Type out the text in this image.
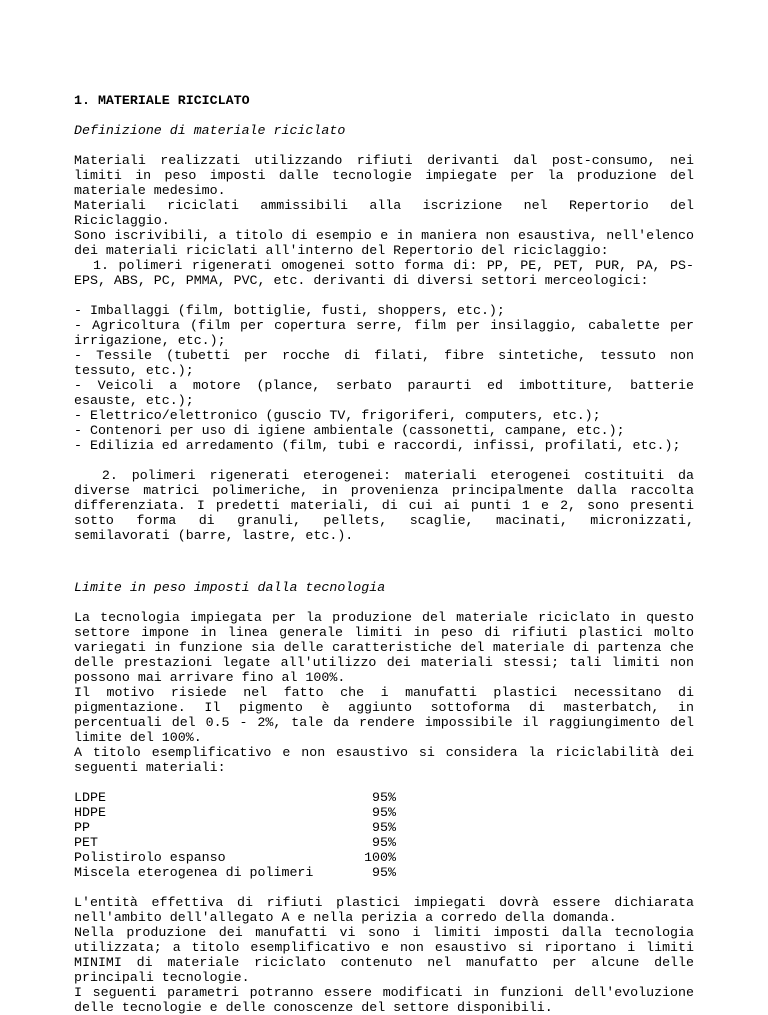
1. MATERIALE RICICLATO

Definizione di materiale riciclato

Materiali realizzati utilizzando rifiuti derivanti dal post-consumo, nei limiti in peso imposti dalle tecnologie impiegate per la produzione del materiale medesimo.

Materiali riciclati ammissibili alla iscrizione nel Repertorio del Riciclaggio.

Sono iscrivibili, a titolo di esempio e in maniera non esaustiva, nell'elenco dei materiali riciclati all'interno del Repertorio del riciclaggio:

1. polimeri rigenerati omogenei sotto forma di: PP, PE, PET, PUR, PA, PS-EPS, ABS, PC, PMMA, PVC, etc. derivanti di diversi settori merceologici:

- Imballaggi (film, bottiglie, fusti, shoppers, etc.);

- Agricoltura (film per copertura serre, film per insilaggio, cabalette per irrigazione, etc.);

- Tessile (tubetti per rocche di filati, fibre sintetiche, tessuto non tessuto, etc.);

- Veicoli a motore (plance, serbato paraurti ed imbottiture, batterie esauste, etc.);

- Elettrico/elettronico (guscio TV, frigoriferi, computers, etc.);

- Contenori per uso di igiene ambientale (cassonetti, campane, etc.);

- Edilizia ed arredamento (film, tubi e raccordi, infissi, profilati, etc.);

2. polimeri rigenerati eterogenei: materiali eterogenei costituiti da diverse matrici polimeriche, in provenienza principalmente dalla raccolta differenziata. I predetti materiali, di cui ai punti 1 e 2, sono presenti sotto forma di granuli, pellets, scaglie, macinati, micronizzati, semilavorati (barre, lastre, etc.).

Limite in peso imposti dalla tecnologia

La tecnologia impiegata per la produzione del materiale riciclato in questo settore impone in linea generale limiti in peso di rifiuti plastici molto variegati in funzione sia delle caratteristiche del materiale di partenza che delle prestazioni legate all'utilizzo dei materiali stessi; tali limiti non possono mai arrivare fino al 100%.

Il motivo risiede nel fatto che i manufatti plastici necessitano di pigmentazione. Il pigmento è aggiunto sottoforma di masterbatch, in percentuali del 0.5 - 2%, tale da rendere impossibile il raggiungimento del limite del 100%.

A titolo esemplificativo e non esaustivo si considera la riciclabilità dei seguenti materiali:

LDPE	95%
HDPE	95%
PP	95%
PET	95%
Polistirolo espanso	100%
Miscela eterogenea di polimeri	95%

L'entità effettiva di rifiuti plastici impiegati dovrà essere dichiarata nell'ambito dell'allegato A e nella perizia a corredo della domanda.

Nella produzione dei manufatti vi sono i limiti imposti dalla tecnologia utilizzata; a titolo esemplificativo e non esaustivo si riportano i limiti MINIMI di materiale riciclato contenuto nel manufatto per alcune delle principali tecnologie.

I seguenti parametri potranno essere modificati in funzioni dell'evoluzione delle tecnologie e delle conoscenze del settore disponibili.
